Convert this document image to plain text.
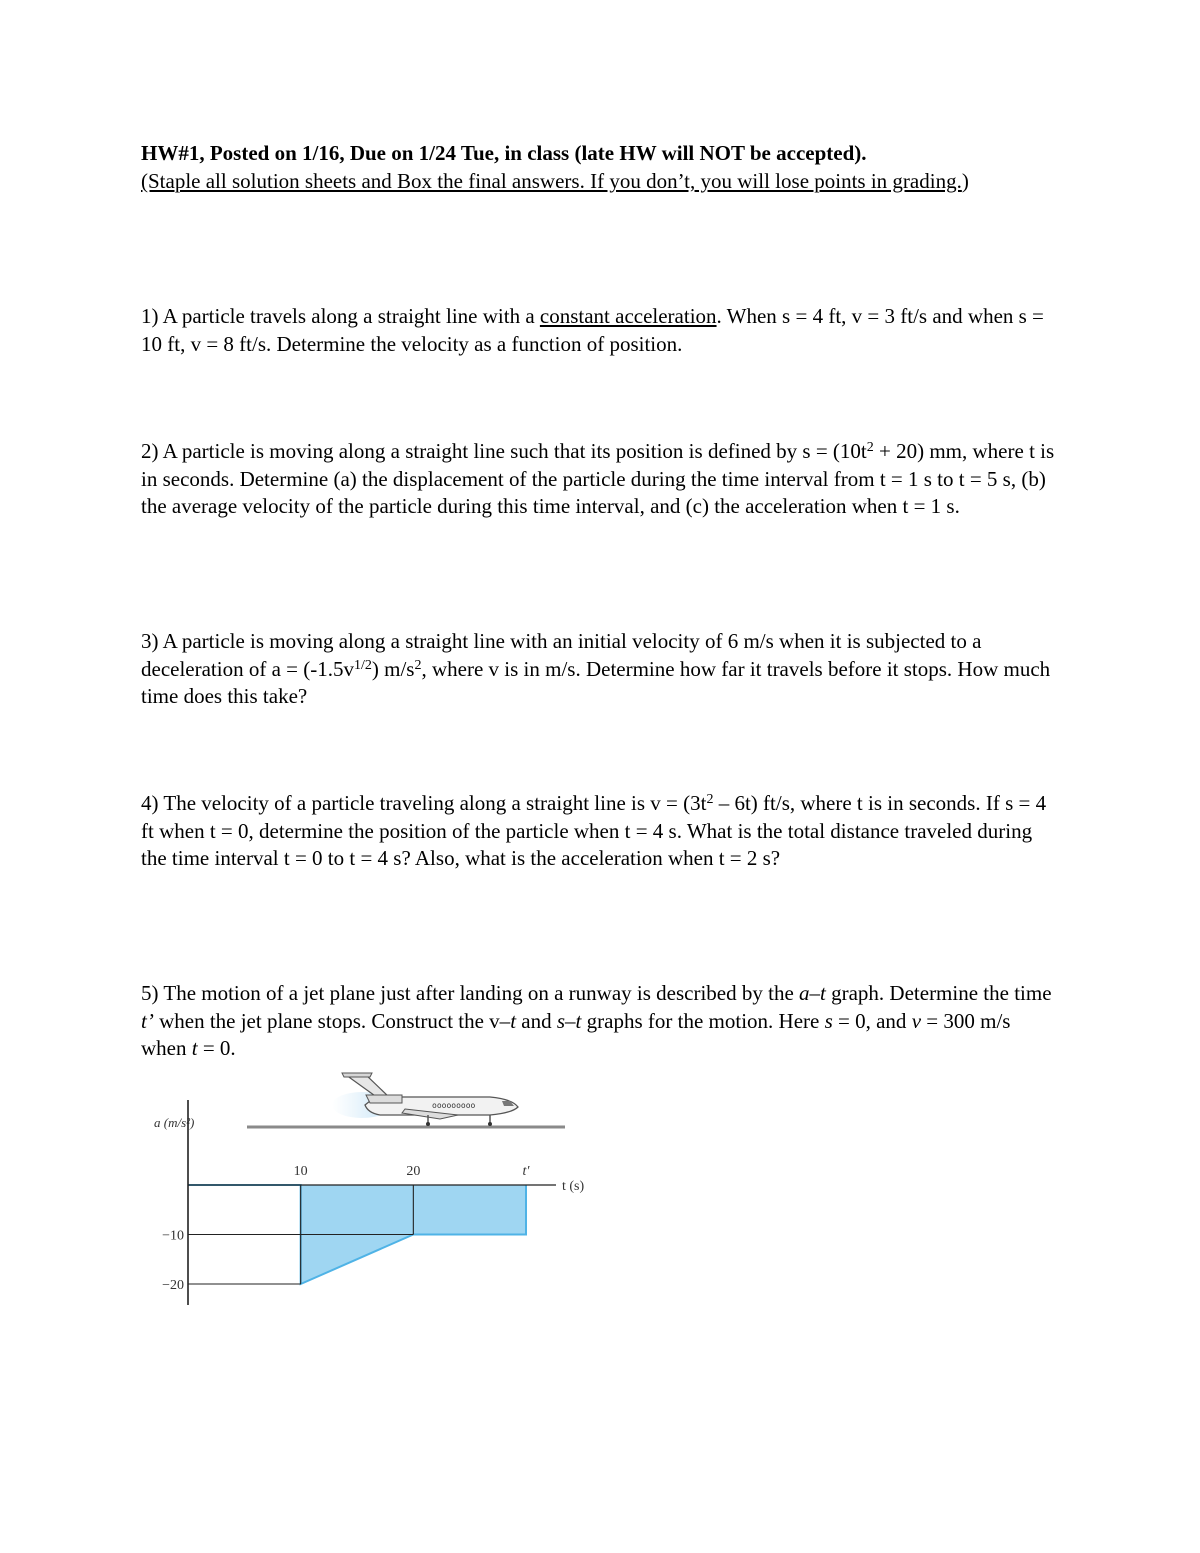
HW#1, Posted on 1/16, Due on 1/24 Tue, in class (late HW will NOT be accepted).
(Staple all solution sheets and Box the final answers. If you don’t, you will lose points in grading.)

1) A particle travels along a straight line with a constant acceleration. When s = 4 ft, v = 3 ft/s and when s = 10 ft, v = 8 ft/s. Determine the velocity as a function of position.

2) A particle is moving along a straight line such that its position is defined by $s = (10t^2 + 20)$ mm, where t is in seconds. Determine (a) the displacement of the particle during the time interval from t = 1 s to t = 5 s, (b) the average velocity of the particle during this time interval, and (c) the acceleration when t = 1 s.

3) A particle is moving along a straight line with an initial velocity of 6 m/s when it is subjected to a deceleration of $a = (-1.5v^{1/2})$ $m/s^2$, where v is in m/s. Determine how far it travels before it stops. How much time does this take?

4) The velocity of a particle traveling along a straight line is $v = (3t^2 - 6t)$ ft/s, where t is in seconds. If s = 4 ft when t = 0, determine the position of the particle when t = 4 s. What is the total distance traveled during the time interval t = 0 to t = 4 s? Also, what is the acceleration when t = 2 s?

5) The motion of a jet plane just after landing on a runway is described by the a–t graph. Determine the time t’ when the jet plane stops. Construct the v–t and s–t graphs for the motion. Here s = 0, and v = 300 m/s when t = 0.

ooooooooo
a (m/s²)
−10
−20
10	20	t′
t (s)
